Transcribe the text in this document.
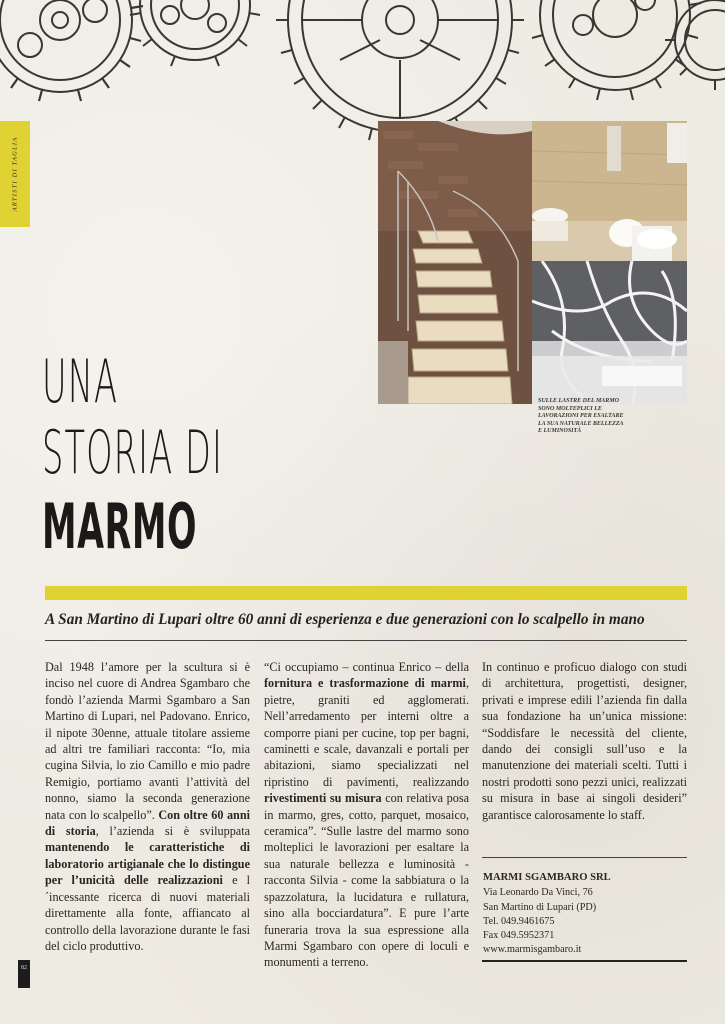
ARTISTI DI TAGLIA
SULLE LASTRE DEL MARMO SONO MOLTEPLICI LE LAVORAZIONI PER ESALTARE LA SUA NATURALE BELLEZZA E LUMINOSITÀ
UNA
STORIA DI
MARMO
A San Martino di Lupari oltre 60 anni di esperienza e due generazioni con lo scalpello in mano
Dal 1948 l’amore per la scultura si è inciso nel cuore di Andrea Sgambaro che fondò l’azienda Marmi Sgambaro a San Martino di Lupari, nel Padovano. Enrico, il nipote 30enne, attuale titolare assieme ad altri tre familiari racconta: “Io, mia cugina Silvia, lo zio Camillo e mio padre Remigio, portiamo avanti l’attività del nonno, siamo la seconda generazione nata con lo scalpello”. Con oltre 60 anni di storia, l’azienda si è sviluppata mantenendo le caratteristiche di laboratorio artigianale che lo distingue per l’unicità delle realizzazioni e l´incessante ricerca di nuovi materiali direttamente alla fonte, affiancato al controllo della lavorazione durante le fasi del ciclo produttivo.
“Ci occupiamo – continua Enrico – della fornitura e trasformazione di marmi, pietre, graniti ed agglomerati. Nell’arredamento per interni oltre a comporre piani per cucine, top per bagni, caminetti e scale, davanzali e portali per abitazioni, siamo specializzati nel ripristino di pavimenti, realizzando rivestimenti su misura con relativa posa in marmo, gres, cotto, parquet, mosaico, ceramica”. “Sulle lastre del marmo sono molteplici le lavorazioni per esaltare la sua naturale bellezza e luminosità - racconta Silvia - come la sabbiatura o la spazzolatura, la lucidatura e rullatura, sino alla bocciardatura”. E pure l’arte funeraria trova la sua espressione alla Marmi Sgambaro con opere di loculi e monumenti a terreno.
In continuo e proficuo dialogo con studi di architettura, progettisti, designer, privati e imprese edili l’azienda fin dalla sua fondazione ha un’unica missione: “Soddisfare le necessità del cliente, dando dei consigli sull’uso e la manutenzione dei materiali scelti. Tutti i nostri prodotti sono pezzi unici, realizzati su misura in base ai singoli desideri” garantisce calorosamente lo staff.
MARMI SGAMBARO SRL
Via Leonardo Da Vinci, 76
San Martino di Lupari (PD)
Tel. 049.9461675
Fax 049.5952371
www.marmisgambaro.it
82
